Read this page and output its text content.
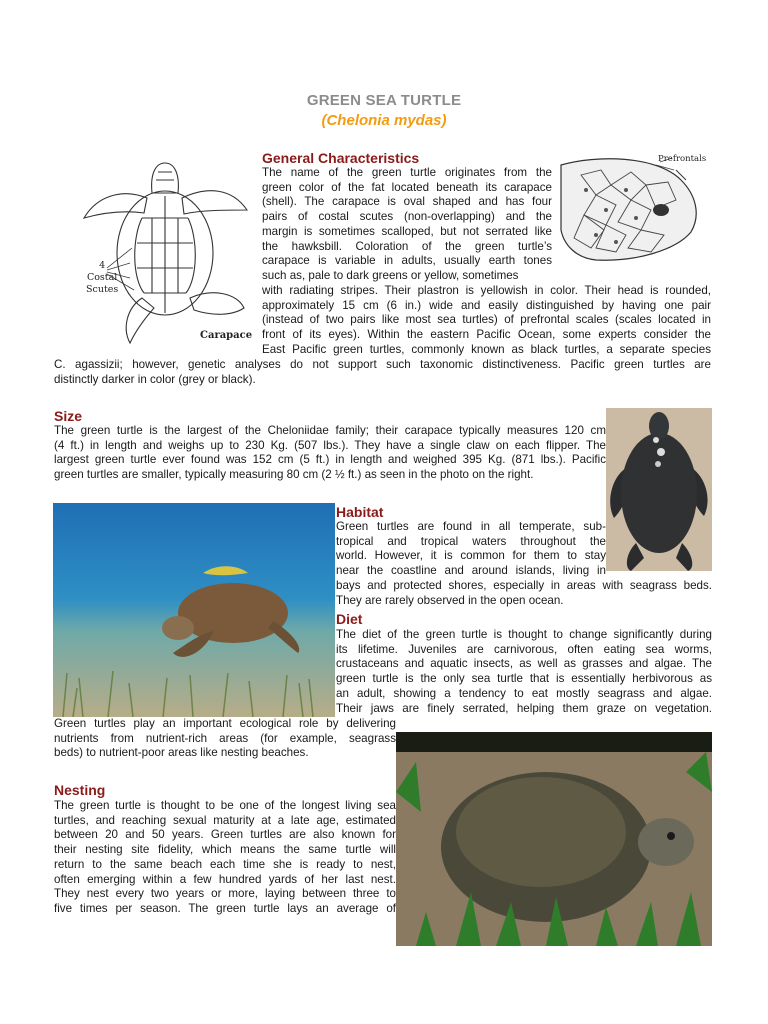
GREEN SEA TURTLE
(Chelonia mydas)
4
Costal
Scutes
Carapace
Prefrontals
General Characteristics
The name of the green turtle originates from the
green color of the fat located beneath its carapace
(shell). The carapace is oval shaped and has four
pairs of costal scutes (non-overlapping) and the
margin is sometimes scalloped, but not serrated like
the hawksbill. Coloration of the green turtle’s
carapace is variable in adults, usually earth tones
such as, pale to dark greens or yellow, sometimes
with radiating stripes. Their plastron is yellowish in color. Their head is rounded,
approximately 15 cm (6 in.) wide and easily distinguished by having one pair
(instead of two pairs like most sea turtles) of prefrontal scales (scales located in
front of its eyes). Within the eastern Pacific Ocean, some experts consider the
East Pacific green turtles, commonly known as black turtles, a separate species
C. agassizii; however, genetic analyses do not support such taxonomic distinctiveness. Pacific green turtles are
distinctly darker in color (grey or black).
Size
The green turtle is the largest of the Cheloniidae family; their carapace typically measures 120 cm
(4 ft.) in length and weighs up to 230 Kg. (507 lbs.). They have a single claw on each flipper. The
largest green turtle ever found was 152 cm (5 ft.) in length and weighed 395 Kg. (871 lbs.). Pacific
green turtles are smaller, typically measuring 80 cm (2 ½ ft.) as seen in the photo on the right.
Habitat
Green turtles are found in all temperate, sub-
tropical and tropical waters throughout the
world. However, it is common for them to stay
near the coastline and around islands, living in
bays and protected shores, especially in areas with seagrass beds.
They are rarely observed in the open ocean.
Diet
The diet of the green turtle is thought to change significantly during
its lifetime. Juveniles are carnivorous, often eating sea worms,
crustaceans and aquatic insects, as well as grasses and algae. The
green turtle is the only sea turtle that is essentially herbivorous as
an adult, showing a tendency to eat mostly seagrass and algae.
Their jaws are finely serrated, helping them graze on vegetation.
Green turtles play an important ecological role by delivering
nutrients from nutrient-rich areas (for example, seagrass
beds) to nutrient-poor areas like nesting beaches.
Nesting
The green turtle is thought to be one of the longest living sea
turtles, and reaching sexual maturity at a late age, estimated
between 20 and 50 years. Green turtles are also known for
their nesting site fidelity, which means the same turtle will
return to the same beach each time she is ready to nest,
often emerging within a few hundred yards of her last nest.
They nest every two years or more, laying between three to
five times per season. The green turtle lays an average of
